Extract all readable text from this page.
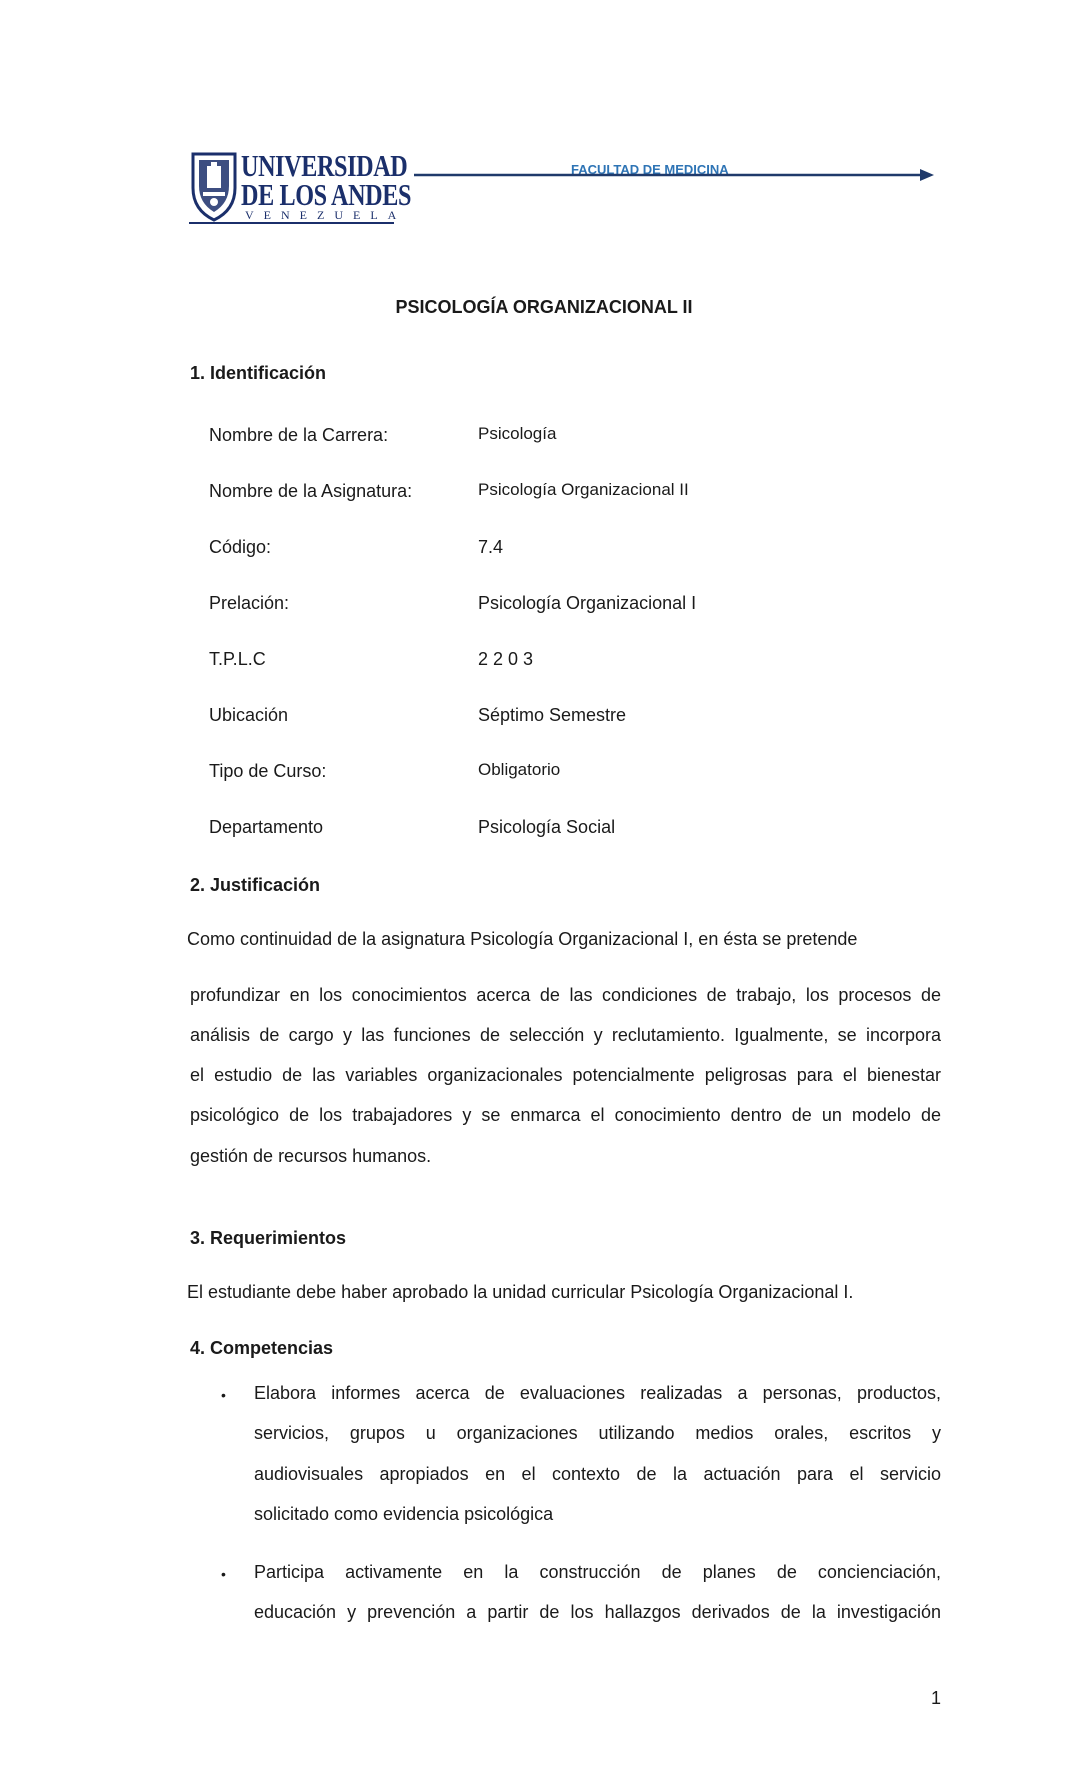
UNIVERSIDAD
DE LOS ANDES
VENEZUELA
FACULTAD DE MEDICINA
PSICOLOGÍA ORGANIZACIONAL II
1. Identificación
Nombre de la Carrera:	Psicología
Nombre de la Asignatura:	Psicología Organizacional II
Código:	7.4
Prelación:	Psicología Organizacional I
T.P.L.C	2 2 0 3
Ubicación	Séptimo Semestre
Tipo de Curso:	Obligatorio
Departamento	Psicología Social
2. Justificación
Como continuidad de la asignatura Psicología Organizacional I, en ésta se pretende
profundizar en los conocimientos acerca de las condiciones de trabajo, los procesos de
análisis de cargo y las funciones de selección y reclutamiento. Igualmente, se incorpora
el estudio de las variables organizacionales potencialmente peligrosas para el bienestar
psicológico de los trabajadores y se enmarca el conocimiento dentro de un modelo de
gestión de recursos humanos.
3. Requerimientos
El estudiante debe haber aprobado la unidad curricular Psicología Organizacional I.
4. Competencias
• Elabora informes acerca de evaluaciones realizadas a personas, productos,
servicios, grupos u organizaciones utilizando medios orales, escritos y
audiovisuales apropiados en el contexto de la actuación para el servicio
solicitado como evidencia psicológica
• Participa activamente en la construcción de planes de concienciación,
educación y prevención a partir de los hallazgos derivados de la investigación
1
